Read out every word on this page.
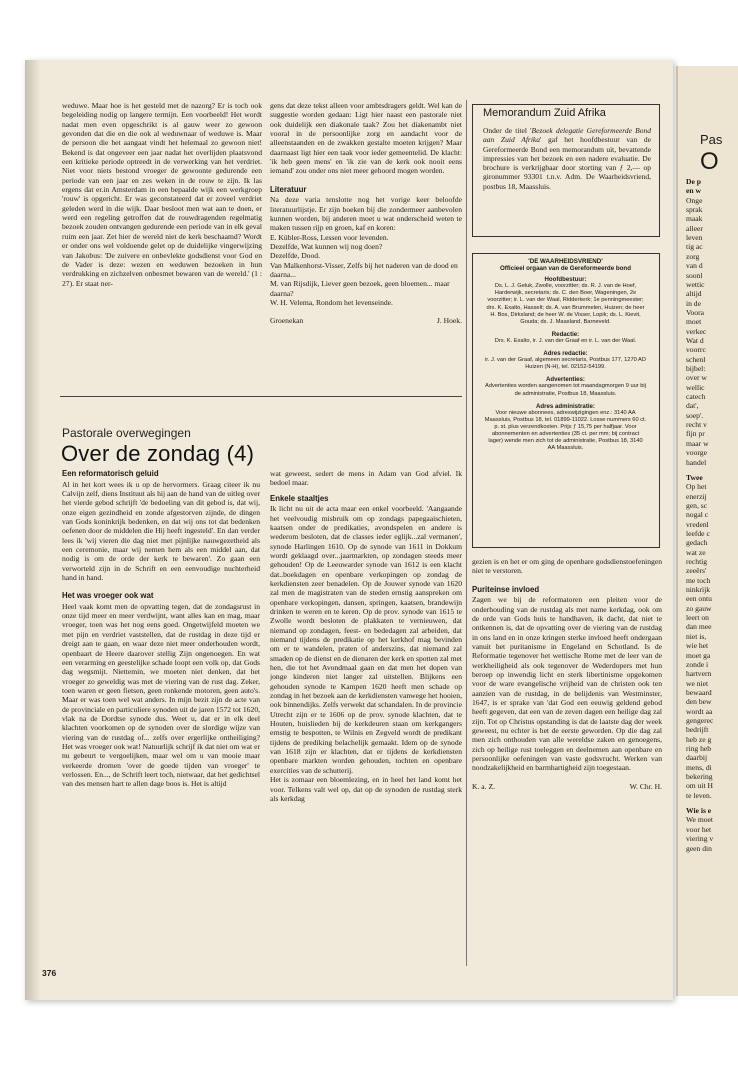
weduwe. Maar hoe is het gesteld met de nazorg? Er is toch ook begeleiding nodig op langere termijn. Een voorbeeld! Het wordt nadat men even opgeschrikt is al gauw weer zo gewoon gevonden dat die en die ook al weduwnaar of weduwe is. Maar de persoon die het aangaat vindt het helemaal zo gewoon niet! Bekend is dat ongeveer een jaar nadat het overlijden plaatsvond een kritieke periode optreedt in de verwerking van het verdriet. Niet voor niets bestond vroeger de gewoonte gedurende een periode van een jaar en zes weken in de rouw te zijn. Ik las ergens dat er.in Amsterdam in een bepaalde wijk een werkgroep 'rouw' is opgericht. Er was geconstateerd dat er zoveel verdriet geleden werd in die wijk. Daar besloot men wat aan te doen, er werd een regeling getroffen dat de rouwdragenden regelmatig bezoek zouden ontvangen gedurende een periode van in elk geval ruim een jaar. Zet hier de wereld niet de kerk beschaamd? Wordt er onder ons wel voldoende gelet op de duidelijke vingerwijzing van Jakobus: 'De zuivere en onbevlekte godsdienst voor God en de Vader is deze: wezen en weduwen bezoeken in hun verdrukking en zichzelven onbesmet bewaren van de wereld.' (1 : 27). Er staat ner-

gens dat deze tekst alleen voor ambtsdragers geldt. Wel kan de suggestie worden gedaan: Ligt hier naast een pastorale niet ook duidelijk een diakonale taak? Zou het diakenambt niet vooral in de persoonlijke zorg en aandacht voor de alleenstaanden en de zwakken gestalte moeten krijgen? Maar daarnaast ligt hier een taak voor ieder gemeentelid. De klacht: 'ik heb geen mens' en 'ik zie van de kerk ook nooit eens iemand' zou onder ons niet meer gehoord mogen worden.

Literatuur

Na deze varia tenslotte nog het vorige keer beloofde literatuurlijstje. Er zijn boeken bij die zondermeer aanbevolen kunnen worden, bij anderen moet u wat onderscheid weten te maken tussen rijp en groen, kaf en koren:

E. Kübler-Ross, Lessen voor levenden.
Dezelfde, Wat kunnen wij nog doen?
Dezelfde, Dood.
Van Malkenhorst-Visser, Zelfs bij het naderen van de dood en daarna...
M. van Rijsdijk, Liever geen bezoek, geen bloemen... maar daarna?
W. H. Velema, Rondom het levenseinde.
Groenekan	J. Hoek.
Memorandum Zuid Afrika
Onder de titel 'Bezoek delegatie Gereformeerde Bond aan Zuid Afrika' gaf het hoofdbestuur van de Gereformeerde Bond een memorandum uit, bevattende impressies van het bezoek en een nadere evaluatie. De brochure is verkrijgbaar door storting van ƒ 2,— op gironummer 93301 t.n.v. Adm. De Waarheidsvriend, postbus 18, Maassluis.
'DE WAARHEIDSVRIEND'
Officieel orgaan van de Gereformeerde bond
Hoofdbestuur:
Ds. L. J. Geluk, Zwolle, voorzitter; ds. R. J. van de Hoef, Harderwijk, secretaris; ds. C. den Boer, Wageningen, 2e voorzitter; ir. L. van der Waal, Ridderkerk; 1e penningmeester; drs. K. Exalto, Hasselt; ds. A. van Brummelen, Huizen; de heer H. Bos, Dirksland; de heer W. de Visser, Lopik; ds. L. Kievit, Gouda; ds. J. Maasland, Barneveld.
Redactie:
Drs. K. Exalto, ir. J. van der Graaf en ir. L. van der Waal.
Adres redactie:
ir. J. van der Graaf, algemeen secretaris, Postbus 177, 1270 AD Huizen (N-H), tel. 02152-54199.
Advertenties:
Advertenties worden aangenomen tot maandagmorgen 9 uur bij de administratie, Postbus 18, Maassluis.
Adres administratie:
Voor nieuwe abonnees, adreswijzigingen enz.: 3140 AA Maassluis, Postbus 18, tel. 01899-11022. Losse nummers 60 ct. p. st. plus verzendkosten. Prijs ƒ 15,75 per halfjaar. Voor abonnementen en advertenties (35 ct. per mm; bij contract lager) wende men zich tot de administratie, Postbus 18, 3140 AA Maassluis.
Pastorale overwegingen
Over de zondag (4)
Een reformatorisch geluid

Al in het kort wees ik u op de hervormers. Graag citeer ik nu Calvijn zelf, diens Instituut als hij aan de hand van de uitleg over het vierde gebod schrijft 'de bedoeling van dit gebod is, dat wij, onze eigen gezindheid en zonde afgestorven zijnde, de dingen van Gods koninkrijk bedenken, en dat wij ons tot dat bedenken oefenen door de middelen die Hij heeft ingesteld'. En dan verder lees ik 'wij vieren die dag niet met pijnlijke nauwgezetheid als een ceremonie, maar wij nemen hem als een middel aan, dat nodig is om de orde der kerk te bewaren'. Zo gaan een verworteld zijn in de Schrift en een eenvoudige nuchterheid hand in hand.

Het was vroeger ook wat

Heel vaak komt men de opvatting tegen, dat de zondagsrust in onze tijd meer en meer verdwijnt, want alles kan en mag, maar vroeger, toen was het nog eens goed. Ongetwijfeld moeten we met pijn en verdriet vaststellen, dat de rustdag in deze tijd er dreigt aan te gaan, en waar deze niet meer onderhouden wordt, openbaart de Heere daarover stellig Zijn ongenoegen. En wat een verarming en geestelijke schade loopt een volk op, dat Gods dag wegsmijt. Niettemin, we moeten niet denken, dat het vroeger zo geweldig was met de viering van de rust dag. Zeker, toen waren er geen fietsen, geen ronkende motoren, geen auto's. Maar er was toen wel wat anders. In mijn bezit zijn de acte van de provinciale en particuliere synoden uit de jaren 1572 tot 1620, vlak na de Dordtse synode dus. Weet u, dat er in elk deel klachten voorkomen op de synoden over de slordige wijze van viering van de rustdag of... zelfs over ergerlijke ontheiliging? Het was vroeger ook wat! Natuurlijk schrijf ik dat niet om wat er nu gebeurt te vergoelijken, maar wel om u van mooie maar verkeerde dromen 'over de goede tijden van vroeger' te verlossen. En..., de Schrift leert toch, nietwaar, dat het gedichtsel van des mensen hart te allen dage boos is. Het is altijd

wat geweest, sedert de mens in Adam van God afviel. Ik bedoel maar.

Enkele staaltjes

Ik licht nu uit de acta maar een enkel voorbeeld. 'Aangaande het veelvoudig misbruik om op zondags papegaaischieten, kaatsen onder de predikaties, avondspelen en andere is wederom besloten, dat de classes ieder eglijk...zal vermanen', synode Harlingen 1610. Op de synode van 1611 in Dokkum wordt geklaagd over...jaarmarkten, op zondagen steeds meer gehouden! Op de Leeuwarder synode van 1612 is een klacht dat..boekdagen en openbare verkopingen op zondag de kerkdiensten zeer benadelen. Op de Jouwer synode van 1620 zal men de magistraten van de steden ernstig aanspreken om openbare verkopingen, dansen, springen, kaatsen, brandewijn drinken te weren en te keren. Op de prov. synode van 1615 te Zwolle wordt besloten de plakkaten te vernieuwen, dat niemand op zondagen, feest- en bededagen zal arbeiden, dat niemand tijdens de predikatie op het kerkhof mag bevinden om er te wandelen, praten of anderszins, dat niemand zal smaden op de dienst en de dienaren der kerk en spotten zal met hen, die tot het Avondmaal gaan en dat men het dopen van jonge kinderen niet langer zal uitstellen. Blijkens een gehouden synode te Kampen 1620 heeft men schade op zondag in het bezoek aan de kerkdiensten vanwege het hooien, ook binnendijks. Zelfs verwekt dat schandalen. In de provincie Utrecht zijn er te 1606 op de prov. synode klachten, dat te Houten, huislieden bij de kerkdeuren staan om kerkgangers ernstig te bespotten, te Wilnis en Zegveld wordt de predikant tijdens de prediking belachelijk gemaakt. Idem op de synode van 1618 zijn er klachten, dat er tijdens de kerkdiensten openbare markten worden gehouden, tochten en openbare exercities van de schutterij.

Het is zomaar een bloemlezing, en in heel het land komt het voor. Telkens valt wel op, dat op de synoden de rustdag sterk als kerkdag

gezien is en het er om ging de openbare godsdienstoefeningen niet te verstoren.

Puriteinse invloed

Zagen we bij de reformatoren een pleiten voor de onderhouding van de rustdag als met name kerkdag, ook om de orde van Gods huis te handhaven, ik dacht, dat niet te ontkennen is, dat de opvatting over de viering van de rustdag in ons land en in onze kringen sterke invloed heeft ondergaan vanuit het puritanisme in Engeland en Schotland. Is de Reformatie tegenover het wettische Rome met de leer van de werkheiligheid als ook tegenover de Wederdopers met hun beroep op inwendig licht en sterk libertinisme opgekomen voor de ware evangelische vrijheid van de christen ook ten aanzien van de rustdag, in de belijdenis van Westminster, 1647, is er sprake van 'dat God een eeuwig geldend gebod heeft gegeven, dat een van de zeven dagen een heilige dag zal zijn. Tot op Christus opstanding is dat de laatste dag der week geweest, nu echter is het de eerste geworden. Op die dag zal men zich onthouden van alle wereldse zaken en genoegens, zich op heilige rust toeleggen en deelnemen aan openbare en persoonlijke oefeningen van vaste godsvrucht. Werken van noodzakelijkheid en barmhartigheid zijn toegestaan.

K. a. Z.	W. Chr. H.
376
Pas
O
De p
en w
Onge
sprak
maak
alleer
leven
tig ac
zorg
van d
soonl
wettic
altijd
in de
Voora
moet
verkec
Wat d
voorrc
schenl
bijbel:
over w
wellic
catech
dat',
soep'.
recht v
fijn pr
maar w
voorge
handel
Twee
Op het
enerzij
gen, sc
nogal c
vredenl
leefde c
gedach
wat ze
rechtig
zeeërs'
me toch
ninkrijk
een ontu
zo gauw
leert on
dan mee
niet is,
wie het
moet ga
zonde i
hartvern
we niet
bewaard
den bew
wordt aa
gengerec
bedrijft
heb ze g
ring heb
daarbij
mens, di
bekering
om uit H
te leven.
Wie is e
We moet
voor het
viering v
geen din
